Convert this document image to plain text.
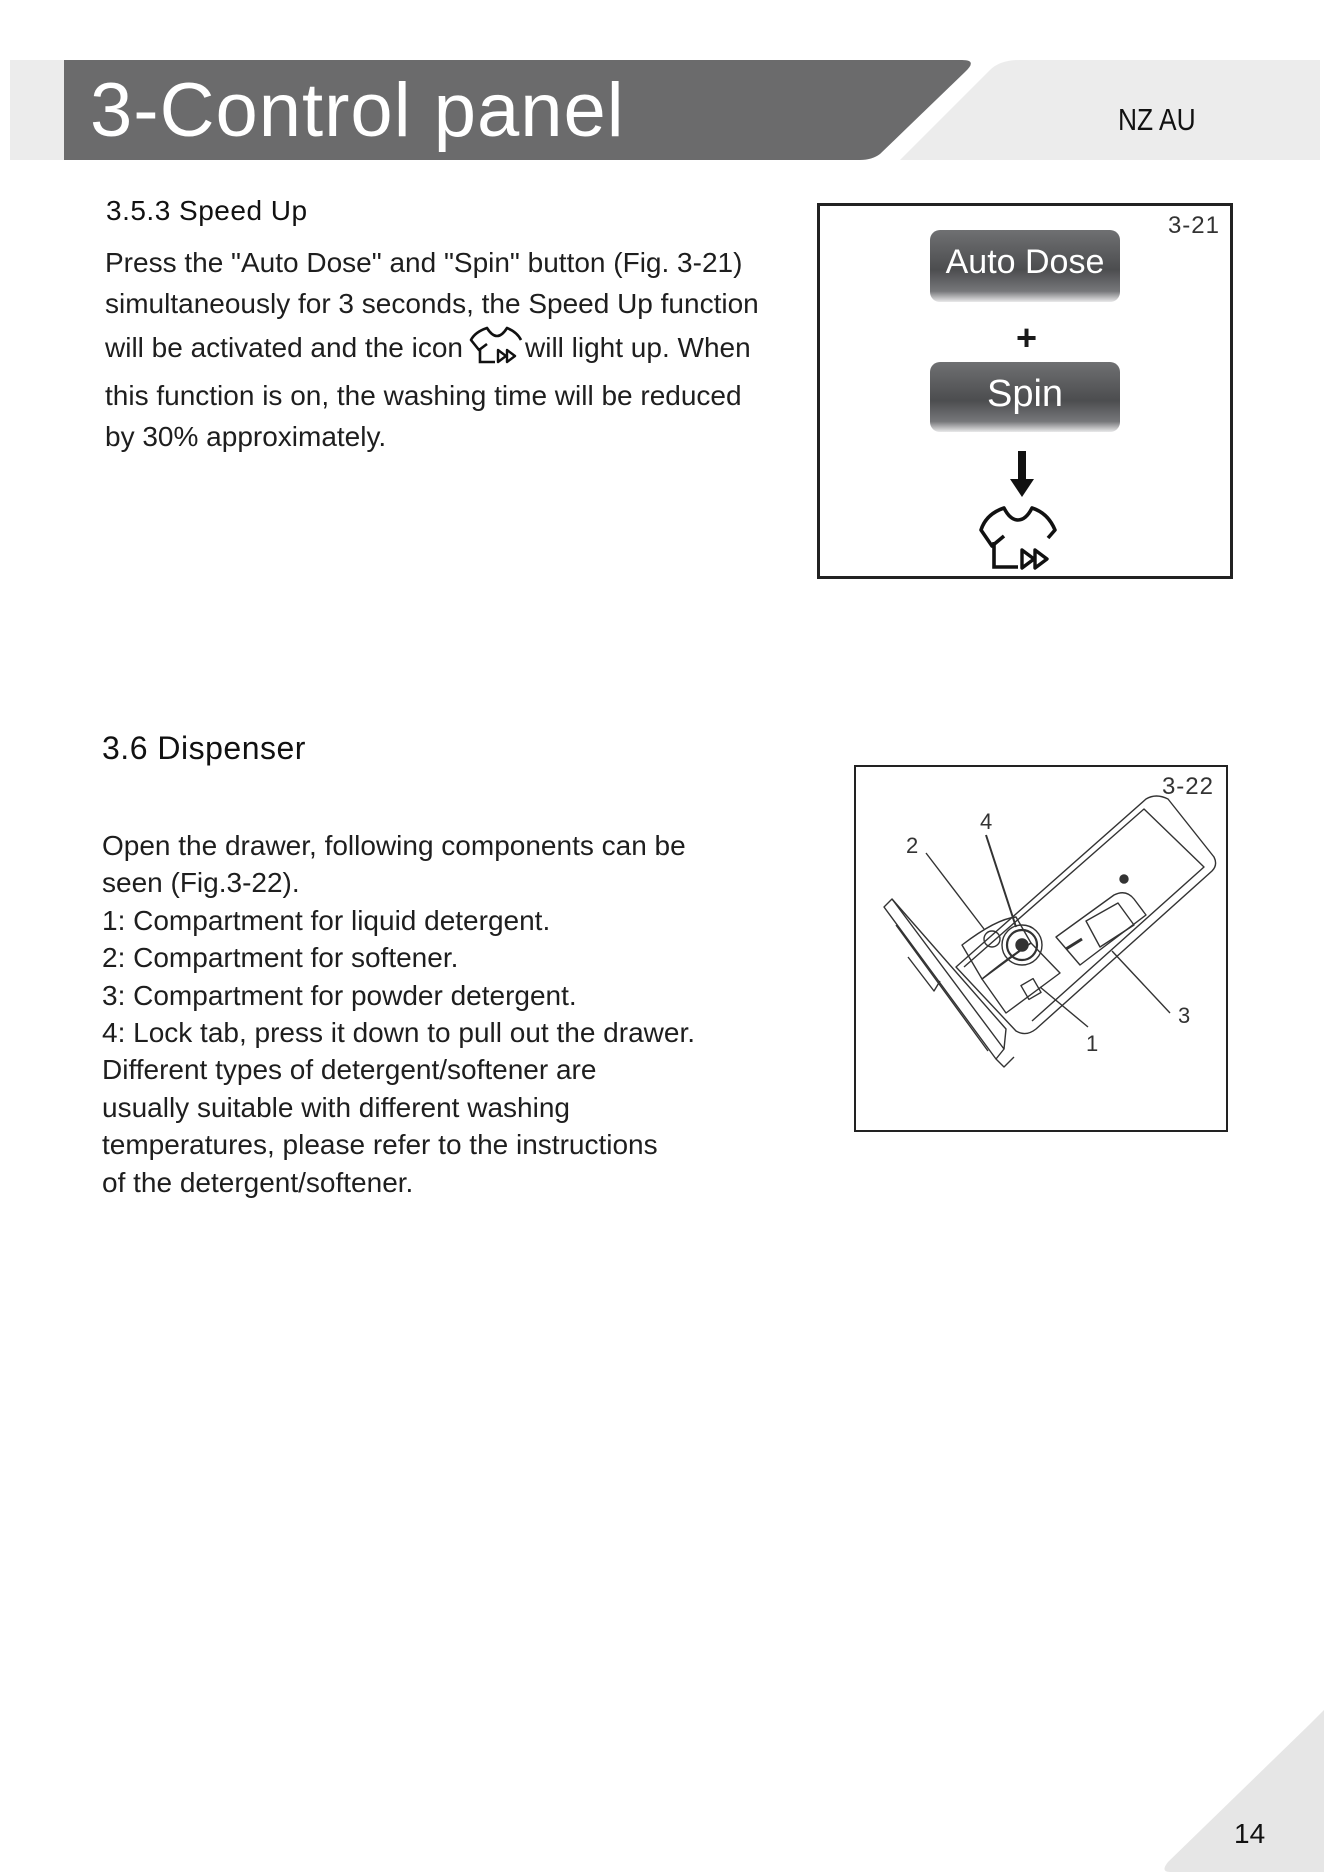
3-Control panel	NZ AU
3.5.3 Speed Up
Press the "Auto Dose" and "Spin" button (Fig. 3-21)
simultaneously for 3 seconds, the Speed Up function
will be activated and the icon will light up. When
this function is on, the washing time will be reduced
by 30% approximately.
3-21
Auto Dose
+
Spin
3.6 Dispenser
Open the drawer, following components can be
seen (Fig.3-22).
1: Compartment for liquid detergent.
2: Compartment for softener.
3: Compartment for powder detergent.
4: Lock tab, press it down to pull out the drawer.
Different types of detergent/softener are
usually suitable with different washing
temperatures, please refer to the instructions
of the detergent/softener.
3-22
2
4
3
1
14
